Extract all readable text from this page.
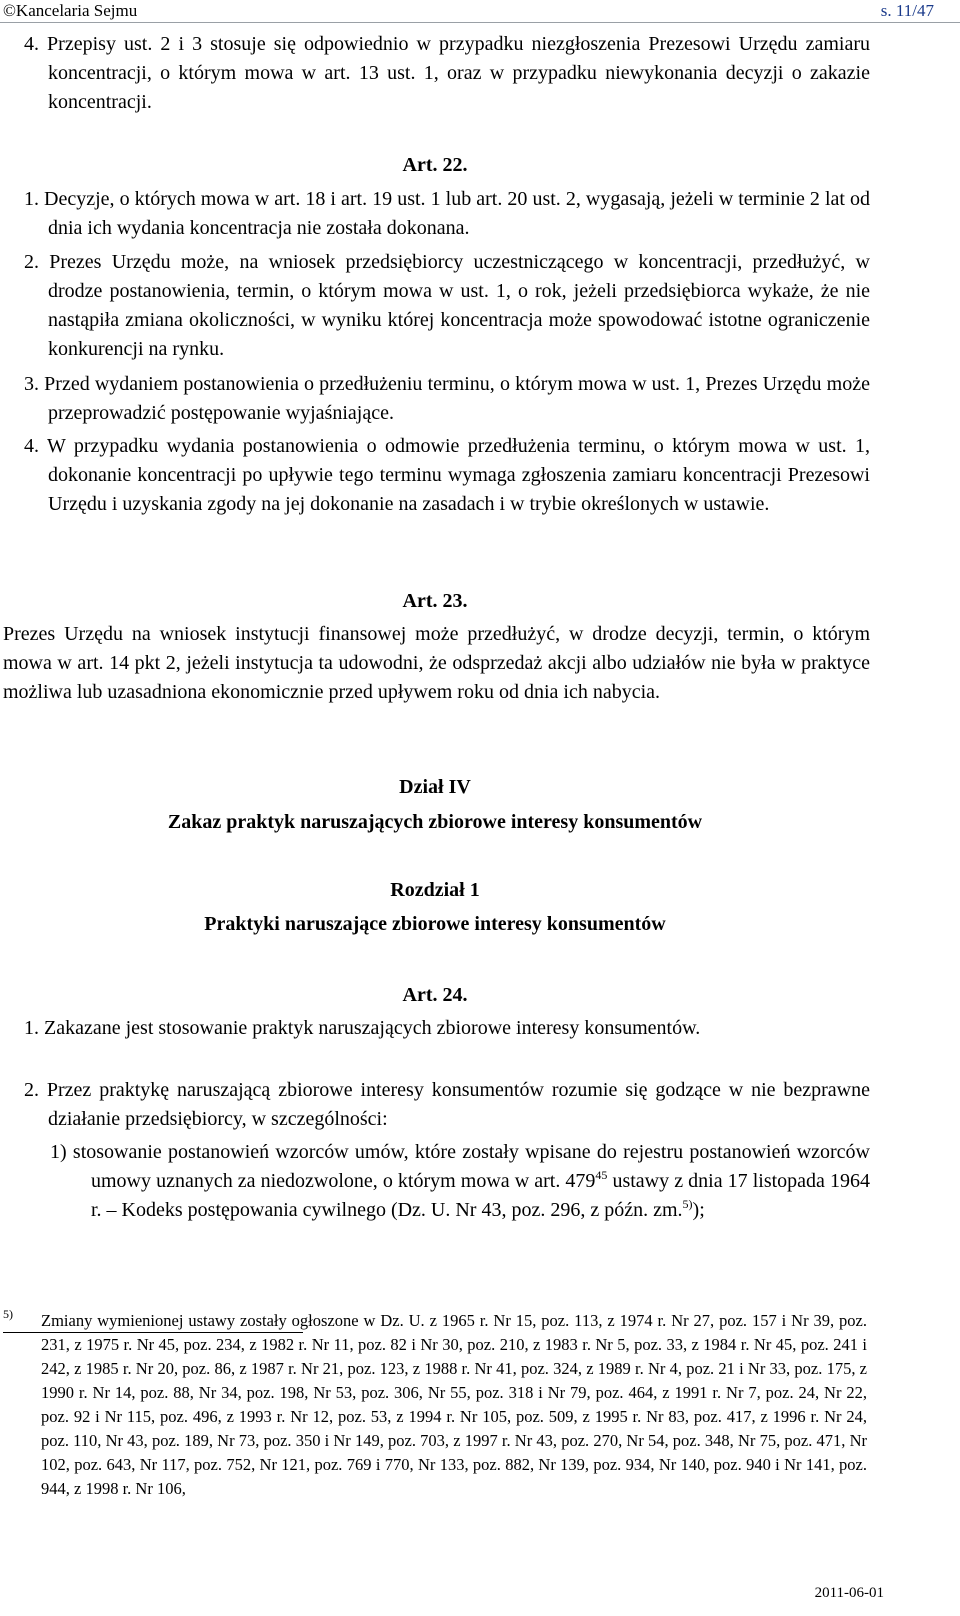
©Kancelaria Sejmu	s. 11/47
4. Przepisy ust. 2 i 3 stosuje się odpowiednio w przypadku niezgłoszenia Prezesowi Urzędu zamiaru koncentracji, o którym mowa w art. 13 ust. 1, oraz w przypadku niewykonania decyzji o zakazie koncentracji.
Art. 22.
1. Decyzje, o których mowa w art. 18 i art. 19 ust. 1 lub art. 20 ust. 2, wygasają, jeżeli w terminie 2 lat od dnia ich wydania koncentracja nie została dokonana.
2. Prezes Urzędu może, na wniosek przedsiębiorcy uczestniczącego w koncentracji, przedłużyć, w drodze postanowienia, termin, o którym mowa w ust. 1, o rok, jeżeli przedsiębiorca wykaże, że nie nastąpiła zmiana okoliczności, w wyniku której koncentracja może spowodować istotne ograniczenie konkurencji na rynku.
3. Przed wydaniem postanowienia o przedłużeniu terminu, o którym mowa w ust. 1, Prezes Urzędu może przeprowadzić postępowanie wyjaśniające.
4. W przypadku wydania postanowienia o odmowie przedłużenia terminu, o którym mowa w ust. 1, dokonanie koncentracji po upływie tego terminu wymaga zgłoszenia zamiaru koncentracji Prezesowi Urzędu i uzyskania zgody na jej dokonanie na zasadach i w trybie określonych w ustawie.
Art. 23.
Prezes Urzędu na wniosek instytucji finansowej może przedłużyć, w drodze decyzji, termin, o którym mowa w art. 14 pkt 2, jeżeli instytucja ta udowodni, że odsprzedaż akcji albo udziałów nie była w praktyce możliwa lub uzasadniona ekonomicznie przed upływem roku od dnia ich nabycia.
Dział IV
Zakaz praktyk naruszających zbiorowe interesy konsumentów
Rozdział 1
Praktyki naruszające zbiorowe interesy konsumentów
Art. 24.
1. Zakazane jest stosowanie praktyk naruszających zbiorowe interesy konsumentów.
2. Przez praktykę naruszającą zbiorowe interesy konsumentów rozumie się godzące w nie bezprawne działanie przedsiębiorcy, w szczególności:
1) stosowanie postanowień wzorców umów, które zostały wpisane do rejestru postanowień wzorców umowy uznanych za niedozwolone, o którym mowa w art. $479^{45}$ ustawy z dnia 17 listopada 1964 r. – Kodeks postępowania cywilnego (Dz. U. Nr 43, poz. 296, z późn. zm.$^{5)}$);
$^{5)}$ Zmiany wymienionej ustawy zostały ogłoszone w Dz. U. z 1965 r. Nr 15, poz. 113, z 1974 r. Nr 27, poz. 157 i Nr 39, poz. 231, z 1975 r. Nr 45, poz. 234, z 1982 r. Nr 11, poz. 82 i Nr 30, poz. 210, z 1983 r. Nr 5, poz. 33, z 1984 r. Nr 45, poz. 241 i 242, z 1985 r. Nr 20, poz. 86, z 1987 r. Nr 21, poz. 123, z 1988 r. Nr 41, poz. 324, z 1989 r. Nr 4, poz. 21 i Nr 33, poz. 175, z 1990 r. Nr 14, poz. 88, Nr 34, poz. 198, Nr 53, poz. 306, Nr 55, poz. 318 i Nr 79, poz. 464, z 1991 r. Nr 7, poz. 24, Nr 22, poz. 92 i Nr 115, poz. 496, z 1993 r. Nr 12, poz. 53, z 1994 r. Nr 105, poz. 509, z 1995 r. Nr 83, poz. 417, z 1996 r. Nr 24, poz. 110, Nr 43, poz. 189, Nr 73, poz. 350 i Nr 149, poz. 703, z 1997 r. Nr 43, poz. 270, Nr 54, poz. 348, Nr 75, poz. 471, Nr 102, poz. 643, Nr 117, poz. 752, Nr 121, poz. 769 i 770, Nr 133, poz. 882, Nr 139, poz. 934, Nr 140, poz. 940 i Nr 141, poz. 944, z 1998 r. Nr 106,
2011-06-01
